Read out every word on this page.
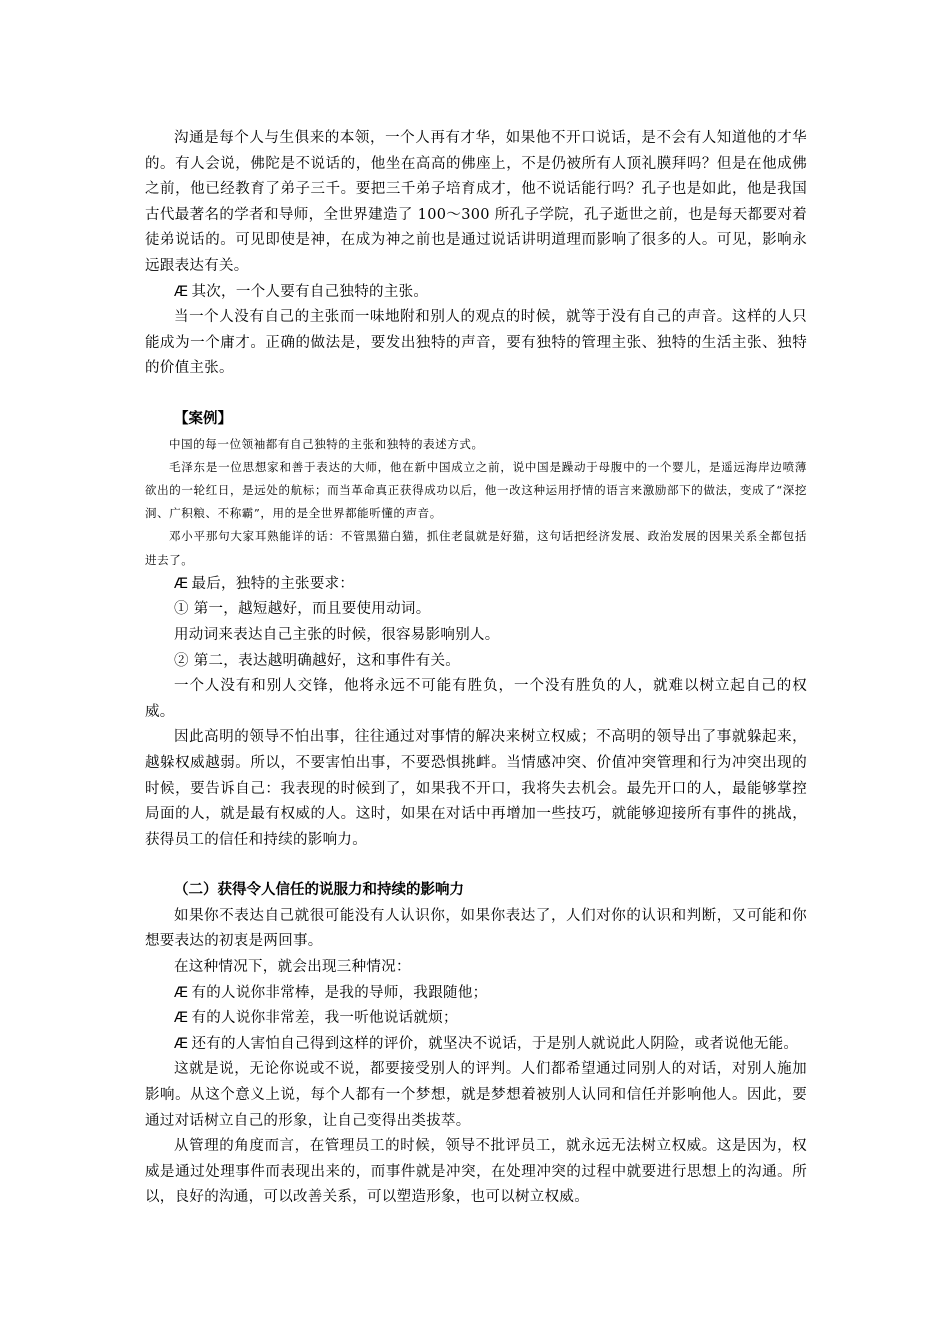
沟通是每个人与生俱来的本领，一个人再有才华，如果他不开口说话，是不会有人知道他的才华的。有人会说，佛陀是不说话的，他坐在高高的佛座上，不是仍被所有人顶礼膜拜吗？但是在他成佛之前，他已经教育了弟子三千。要把三千弟子培育成才，他不说话能行吗？孔子也是如此，他是我国古代最著名的学者和导师，全世界建造了 100～300 所孔子学院，孔子逝世之前，也是每天都要对着徒弟说话的。可见即使是神，在成为神之前也是通过说话讲明道理而影响了很多的人。可见，影响永远跟表达有关。

Æ 其次，一个人要有自己独特的主张。

当一个人没有自己的主张而一味地附和别人的观点的时候，就等于没有自己的声音。这样的人只能成为一个庸才。正确的做法是，要发出独特的声音，要有独特的管理主张、独特的生活主张、独特的价值主张。

【案例】

中国的每一位领袖都有自己独特的主张和独特的表述方式。

毛泽东是一位思想家和善于表达的大师，他在新中国成立之前，说中国是躁动于母腹中的一个婴儿，是遥远海岸边喷薄欲出的一轮红日，是远处的航标；而当革命真正获得成功以后，他一改这种运用抒情的语言来激励部下的做法，变成了“深挖洞、广积粮、不称霸”，用的是全世界都能听懂的声音。

邓小平那句大家耳熟能详的话：不管黑猫白猫，抓住老鼠就是好猫，这句话把经济发展、政治发展的因果关系全都包括进去了。

Æ 最后，独特的主张要求：

① 第一，越短越好，而且要使用动词。

用动词来表达自己主张的时候，很容易影响别人。

② 第二，表达越明确越好，这和事件有关。

一个人没有和别人交锋，他将永远不可能有胜负，一个没有胜负的人，就难以树立起自己的权威。

因此高明的领导不怕出事，往往通过对事情的解决来树立权威；不高明的领导出了事就躲起来，越躲权威越弱。所以，不要害怕出事，不要恐惧挑衅。当情感冲突、价值冲突管理和行为冲突出现的时候，要告诉自己：我表现的时候到了，如果我不开口，我将失去机会。最先开口的人，最能够掌控局面的人，就是最有权威的人。这时，如果在对话中再增加一些技巧，就能够迎接所有事件的挑战，获得员工的信任和持续的影响力。

（二）获得令人信任的说服力和持续的影响力

如果你不表达自己就很可能没有人认识你，如果你表达了，人们对你的认识和判断，又可能和你想要表达的初衷是两回事。

在这种情况下，就会出现三种情况：

Æ 有的人说你非常棒，是我的导师，我跟随他；

Æ 有的人说你非常差，我一听他说话就烦；

Æ 还有的人害怕自己得到这样的评价，就坚决不说话，于是别人就说此人阴险，或者说他无能。

这就是说，无论你说或不说，都要接受别人的评判。人们都希望通过同别人的对话，对别人施加影响。从这个意义上说，每个人都有一个梦想，就是梦想着被别人认同和信任并影响他人。因此，要通过对话树立自己的形象，让自己变得出类拔萃。

从管理的角度而言，在管理员工的时候，领导不批评员工，就永远无法树立权威。这是因为，权威是通过处理事件而表现出来的，而事件就是冲突，在处理冲突的过程中就要进行思想上的沟通。所以，良好的沟通，可以改善关系，可以塑造形象，也可以树立权威。
